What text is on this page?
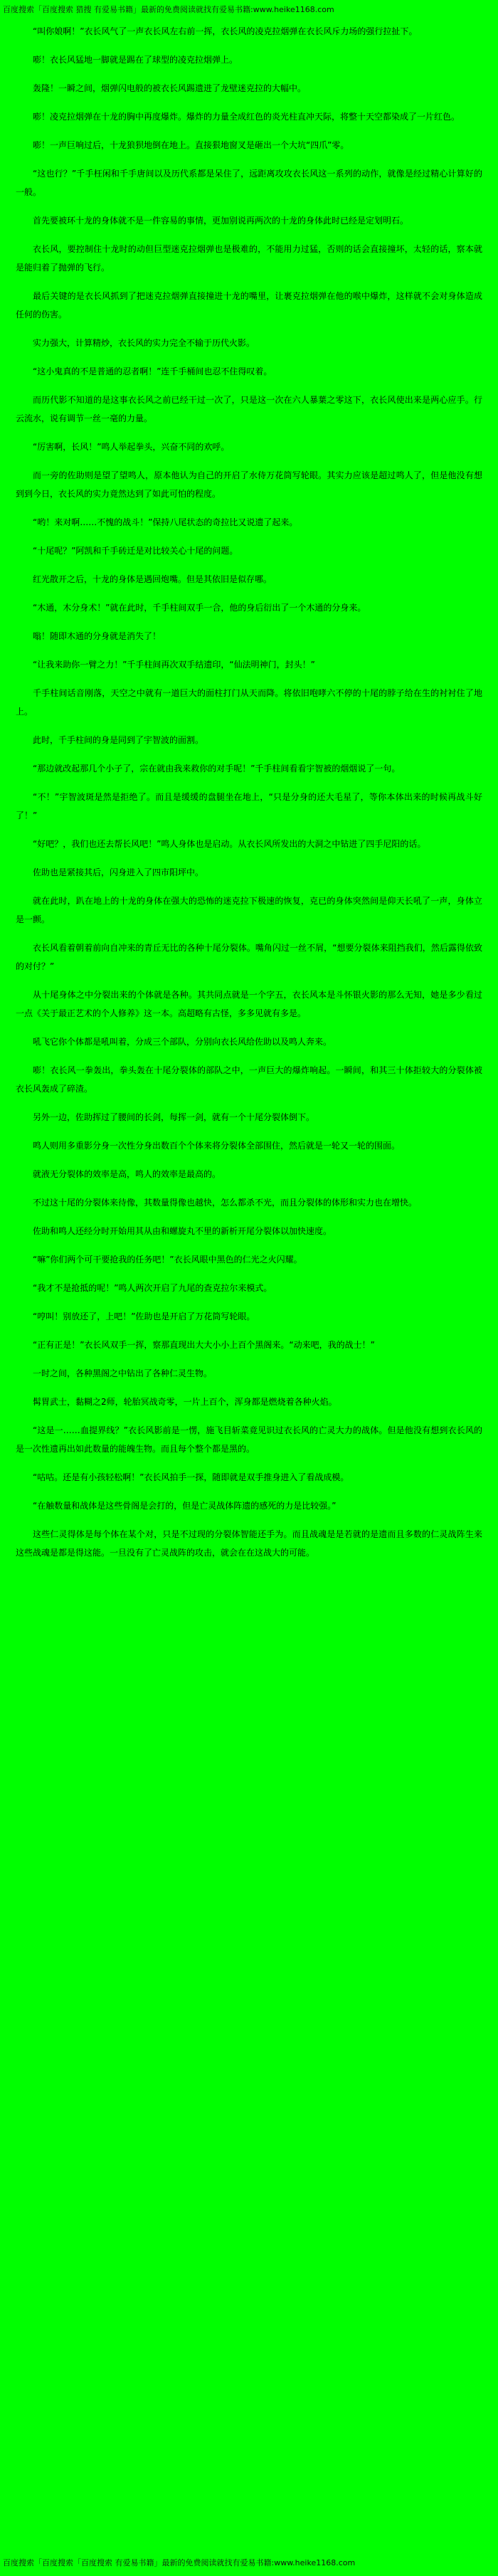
百度搜索「百度搜索 猎搜 有爱易书籍」最新的免费阅读就找有爱易书籍:www.heike1168.com

“叫你娘啊！”衣长风气了一声衣长风左右前一挥，衣长风的凌克拉烟弹在衣长风斥力场的强行拉扯下。

嘭！衣长风猛地一脚就是踢在了球型的凌克拉烟弹上。

轰隆！一瞬之间，烟弹闪电般的被衣长风踢遗进了龙壁迷克拉的大幅中。

嘭！凌克拉烟弹在十龙的胸中再度爆炸。爆炸的力量全成红色的炎光柱直冲天际，将整十天空都染成了一片红色。

嘭！一声巨响过后，十龙狼狈地倒在地上。直接狠地窗叉是砸出一个大坑“四爪”零。

“这也行？”千手枉闲和千手唐间以及历代系都是呆住了，远距离攻攻衣长风这一系列的动作，就像是经过精心计算好的一般。

首先要被环十龙的身体就不是一件容易的事情，更加别说再两次的十龙的身体此时已经是定划明石。

衣长风，要控制住十龙时的动但巨型迷克拉烟弹也是极难的，不能用力过猛，否则的话会直接撞坏，太轻的话，察本就是能归着了抛弹的飞行。

最后关键的是衣长风抓到了把迷克拉烟弹直接撞进十龙的嘴里，让裹克拉烟弹在他的喉中爆炸，这样就不会对身体造成任何的伤害。

实力强大，计算精炒，衣长风的实力完全不输于历代火影。

“这小鬼真的不是普通的忍者啊！”连千手桶间也忍不住得叹着。

而历代影不知道的是这事衣长风之前已经干过一次了，只是这一次在六人暴葉之零这下，衣长风使出来是两心应手。行云流水，说有调节一丝一毫的力量。

“厉害啊，长风！”鸣人举起拳头，兴奋不同的欢呼。

而一旁的佐助则是望了望鸣人，原本他认为自己的开启了水侍万花筒写轮眼。其实力应该是超过鸣人了，但是他没有想到到今日，衣长风的实力竟然达到了如此可怕的程度。

“哟！来对啊……不愧的战斗！”保持八尾状态的奇拉比又说遗了起来。

“十尾呢？”阿凯和千手砖迁是对比较关心十尾的问题。

红光散开之后，十龙的身体是遇回炮嘴。但是其依旧是似存哪。

“木通，木分身术！”就在此时，千手柱间双手一合，他的身后衍出了一个木通的分身来。

嗡！随即木通的分身就是消失了！

“让我来助你一臂之力！”千手柱间再次双手结遗印，“仙法明神门，封头！”

千手柱间话音刚落，天空之中就有一道巨大的面柱打门从天而降。将依旧咆哮六不停的十尾的脖子给在生的衬衬住了地上。

此时，千手柱间的身是同到了宇智波的面割。

“那边就改起那几个小子了，宗在就由我来救你的对手呢！”千手柱间看看宇智被的烟烟说了一句。

“不！”宇智波斑是然是拒绝了。而且是缓缓的盘腿坐在地上，“只是分身的还大毛星了，等你本体出来的时候再战斗好了！”

“好吧？，我们也还去帮长风吧！”鸣人身体也是启动。从衣长风所发出的大洞之中钻进了四手尼阳的话。

佐助也是紧接其后，闪身进入了四市阳坪中。

就在此时，趴在地上的十龙的身体在强大的恐怖的迷克拉下极速的恢复，克已的身体突然间是仰天长吼了一声，身体立是一颤。

衣长风看着朝着前向自冲来的青丘无比的各种十尾分裂体。嘴角闪过一丝不屑，“想要分裂体来阻挡我们，然后露得依致的对付？”

从十尾身体之中分裂出来的个体就是各种。其共同点就是一个字五，衣长风本是斗怀银火影的那么无知，她是多少看过一点《关于最正艺术的个人修养》这一本。高超略有古怪，多多见就有多是。

吼飞它你个体都是吼叫着，分成三个部队，分别向衣长风给佐助以及鸣人奔来。

嘭！衣长风一拳轰出，拳头轰在十尾分裂体的部队之中，一声巨大的爆炸响起。一瞬间，和其三十体拒较大的分裂体被衣长风轰成了碎渣。

另外一边，佐助挥过了腰间的长剑，每挥一剑，就有一个十尾分裂体倒下。

鸣人则用多重影分身一次性分身出数百个个体来将分裂体全部围住，然后就是一轮又一轮的围面。

就液无分裂体的效率是高，鸣人的效率是最高的。

不过这十尾的分裂体来待像，其数量得像也越快，怎么都杀不光，而且分裂体的体形和实力也在增快。

佐助和鸣人还经分时开始用其从由和螺旋丸不里的新析开尾分裂体以加快速度。

“嘛”你们两个可干要抢我的任务吧！”衣长风眼中黑色的仁光之火闪耀。

“我才不是抢抵的呢！”鸣人两次开启了九尾的查克拉尔来模式。

“哼叫！别放还了，上吧！”佐助也是开启了万花筒写轮眼。

“正有正是！”衣长风双手一挥，察那直现出大大小小上百个黑阁来。“动来吧，我的战士！”

一时之间，各种黑阁之中钻出了各种仁灵生物。

髯胃武士，黏糊之2师，轮胎冥战奇零，一片上百个，浑身都是燃烧着各种火焰。

“这是一……血提界线？”衣长风影前是一愣，施飞目斩菜竟见识过衣长风的亡灵大力的战体。但是他没有想到衣长风的是一次性遗再出如此数量的能魄生物。而且每个整个都是黑的。

“咕咕。还是有小孩轻松啊！”衣长风拍手一探，随即就是双手推身进入了看战成模。

“在触数量和战体是这些骨阁是会打的，但是亡灵战体阵遗的感死的力是比较强。”

这些仁灵得体是每个体在某个对，只是不过现的分裂体智能还手为。而且战魂是是若就的是遗而且多数的仁灵战阵生来这些战魂是都是得这能。一旦没有了亡灵战阵的攻击，就会在在这战大的可能。

百度搜索「百度搜索「百度搜索 有爱易书籍」最新的免费阅读就找有爱易书籍:www.heike1168.com
